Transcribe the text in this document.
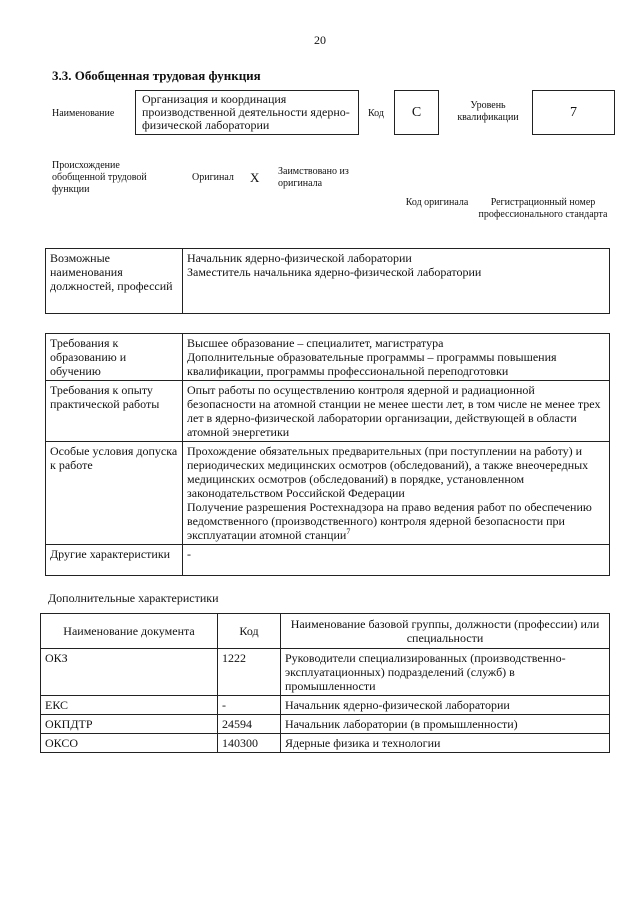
20
3.3. Обобщенная трудовая функция
Наименование
Организация и координация производственной деятельности ядерно-физической лаборатории
Код	C	Уровень квалификации	7
Происхождение обобщенной трудовой функции
Оригинал X Заимствовано из оригинала
Код оригинала	Регистрационный номер профессионального стандарта
Возможные наименования должностей, профессий	
Начальник ядерно-физической лаборатории
Заместитель начальника ядерно-физической лаборатории
Требования к образованию и обучению	Высшее образование – специалитет, магистратура
Дополнительные образовательные программы – программы повышения квалификации, программы профессиональной переподготовки

Требования к опыту практической работы	Опыт работы по осуществлению контроля ядерной и радиационной безопасности на атомной станции не менее шести лет, в том числе не менее трех лет в ядерно-физической лаборатории организации, действующей в области атомной энергетики

Особые условия допуска к работе	Прохождение обязательных предварительных (при поступлении на работу) и периодических медицинских осмотров (обследований), а также внеочередных медицинских осмотров (обследований) в порядке, установленном законодательством Российской Федерации
Получение разрешения Ростехнадзора на право ведения работ по обеспечению ведомственного (производственного) контроля ядерной безопасности при эксплуатации атомной станции$^7$

Другие характеристики	-
Дополнительные характеристики
Наименование документа	Код	Наименование базовой группы, должности (профессии) или специальности
ОКЗ	1222	Руководители специализированных (производственно-эксплуатационных) подразделений (служб) в промышленности
ЕКС	-	Начальник ядерно-физической лаборатории
ОКПДТР	24594	Начальник лаборатории (в промышленности)
ОКСО	140300	Ядерные физика и технологии
